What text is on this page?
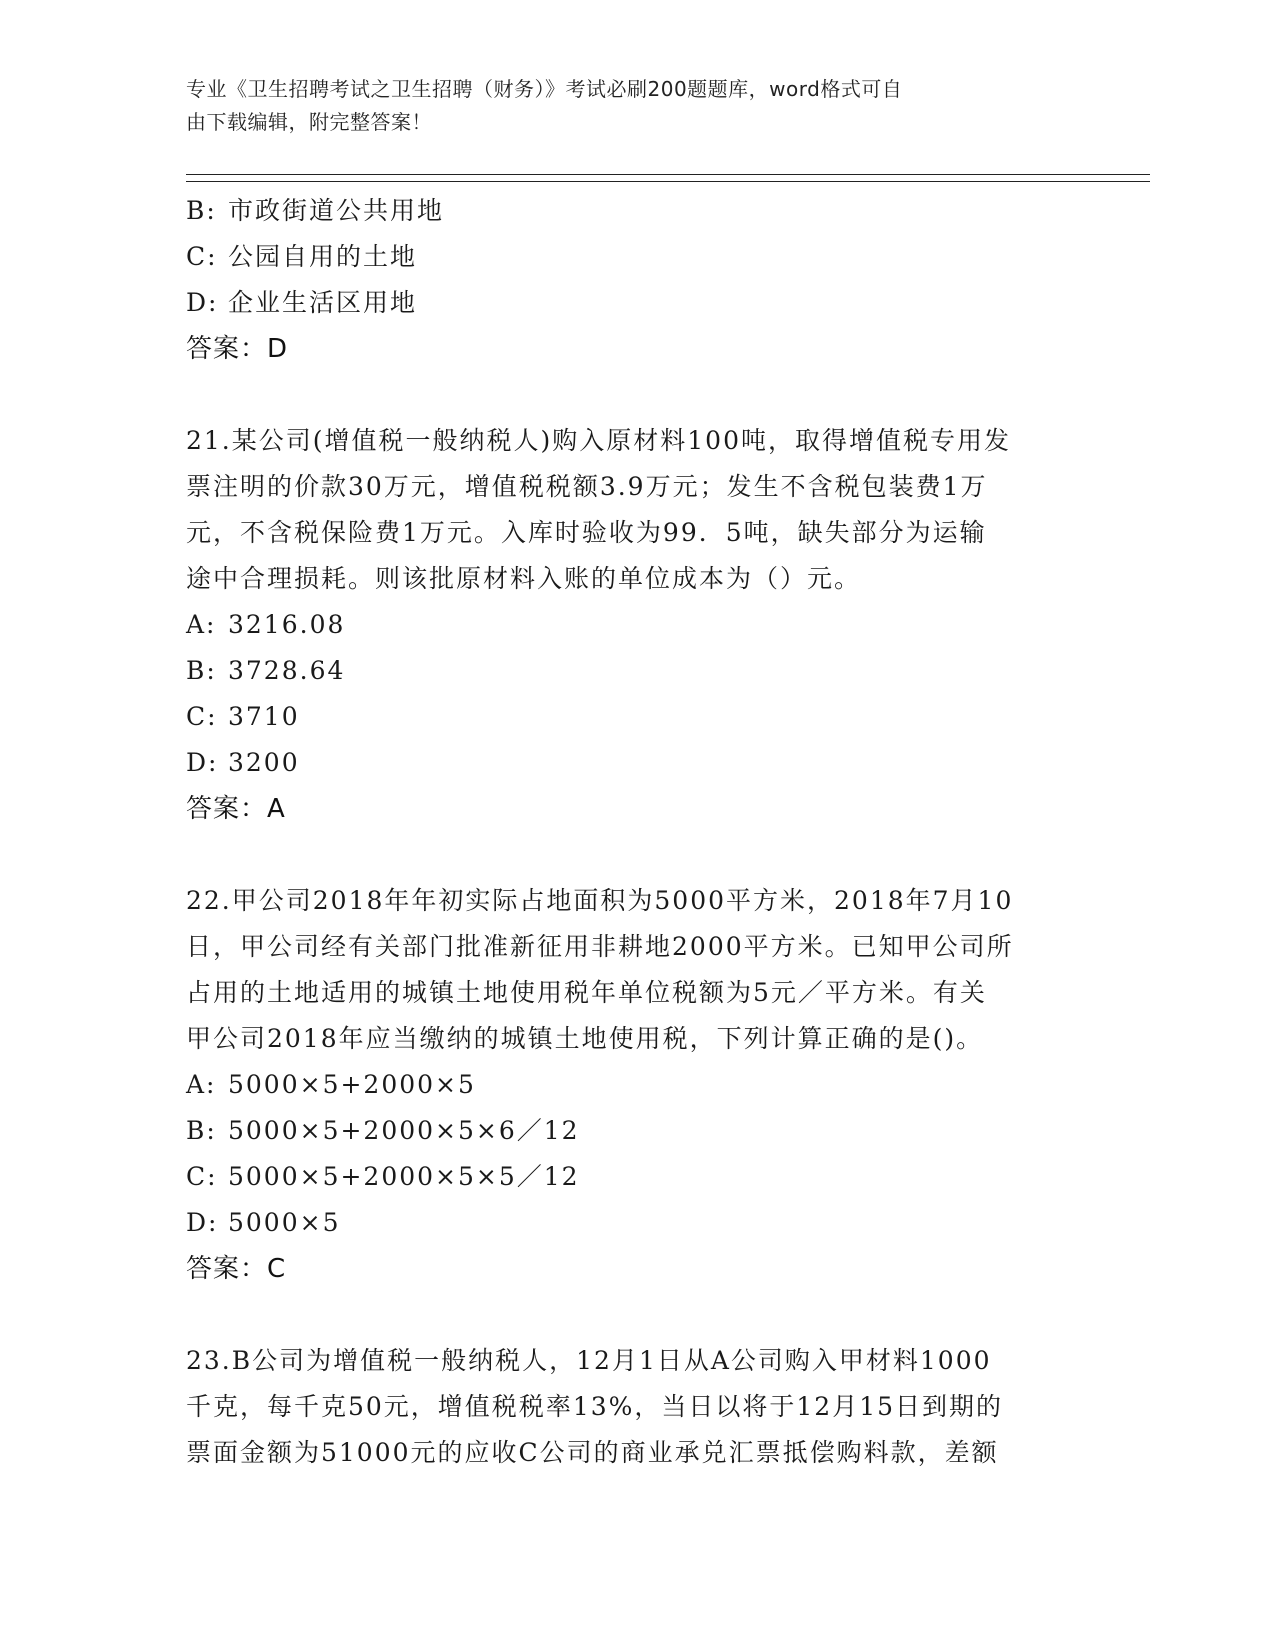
专业《卫生招聘考试之卫生招聘（财务）》考试必刷200题题库，word格式可自
由下载编辑，附完整答案！
B: 市政街道公共用地
C: 公园自用的土地
D: 企业生活区用地
答案：D
21.某公司(增值税一般纳税人)购入原材料100吨，取得增值税专用发
票注明的价款30万元，增值税税额3.9万元；发生不含税包装费1万
元，不含税保险费1万元。入库时验收为99．5吨，缺失部分为运输
途中合理损耗。则该批原材料入账的单位成本为（）元。
A: 3216.08
B: 3728.64
C: 3710
D: 3200
答案：A
22.甲公司2018年年初实际占地面积为5000平方米，2018年7月10
日，甲公司经有关部门批准新征用非耕地2000平方米。已知甲公司所
占用的土地适用的城镇土地使用税年单位税额为5元／平方米。有关
甲公司2018年应当缴纳的城镇土地使用税，下列计算正确的是()。
A: 5000×5+2000×5
B: 5000×5+2000×5×6／12
C: 5000×5+2000×5×5／12
D: 5000×5
答案：C
23.B公司为增值税一般纳税人，12月1日从A公司购入甲材料1000
千克，每千克50元，增值税税率13%，当日以将于12月15日到期的
票面金额为51000元的应收C公司的商业承兑汇票抵偿购料款，差额
